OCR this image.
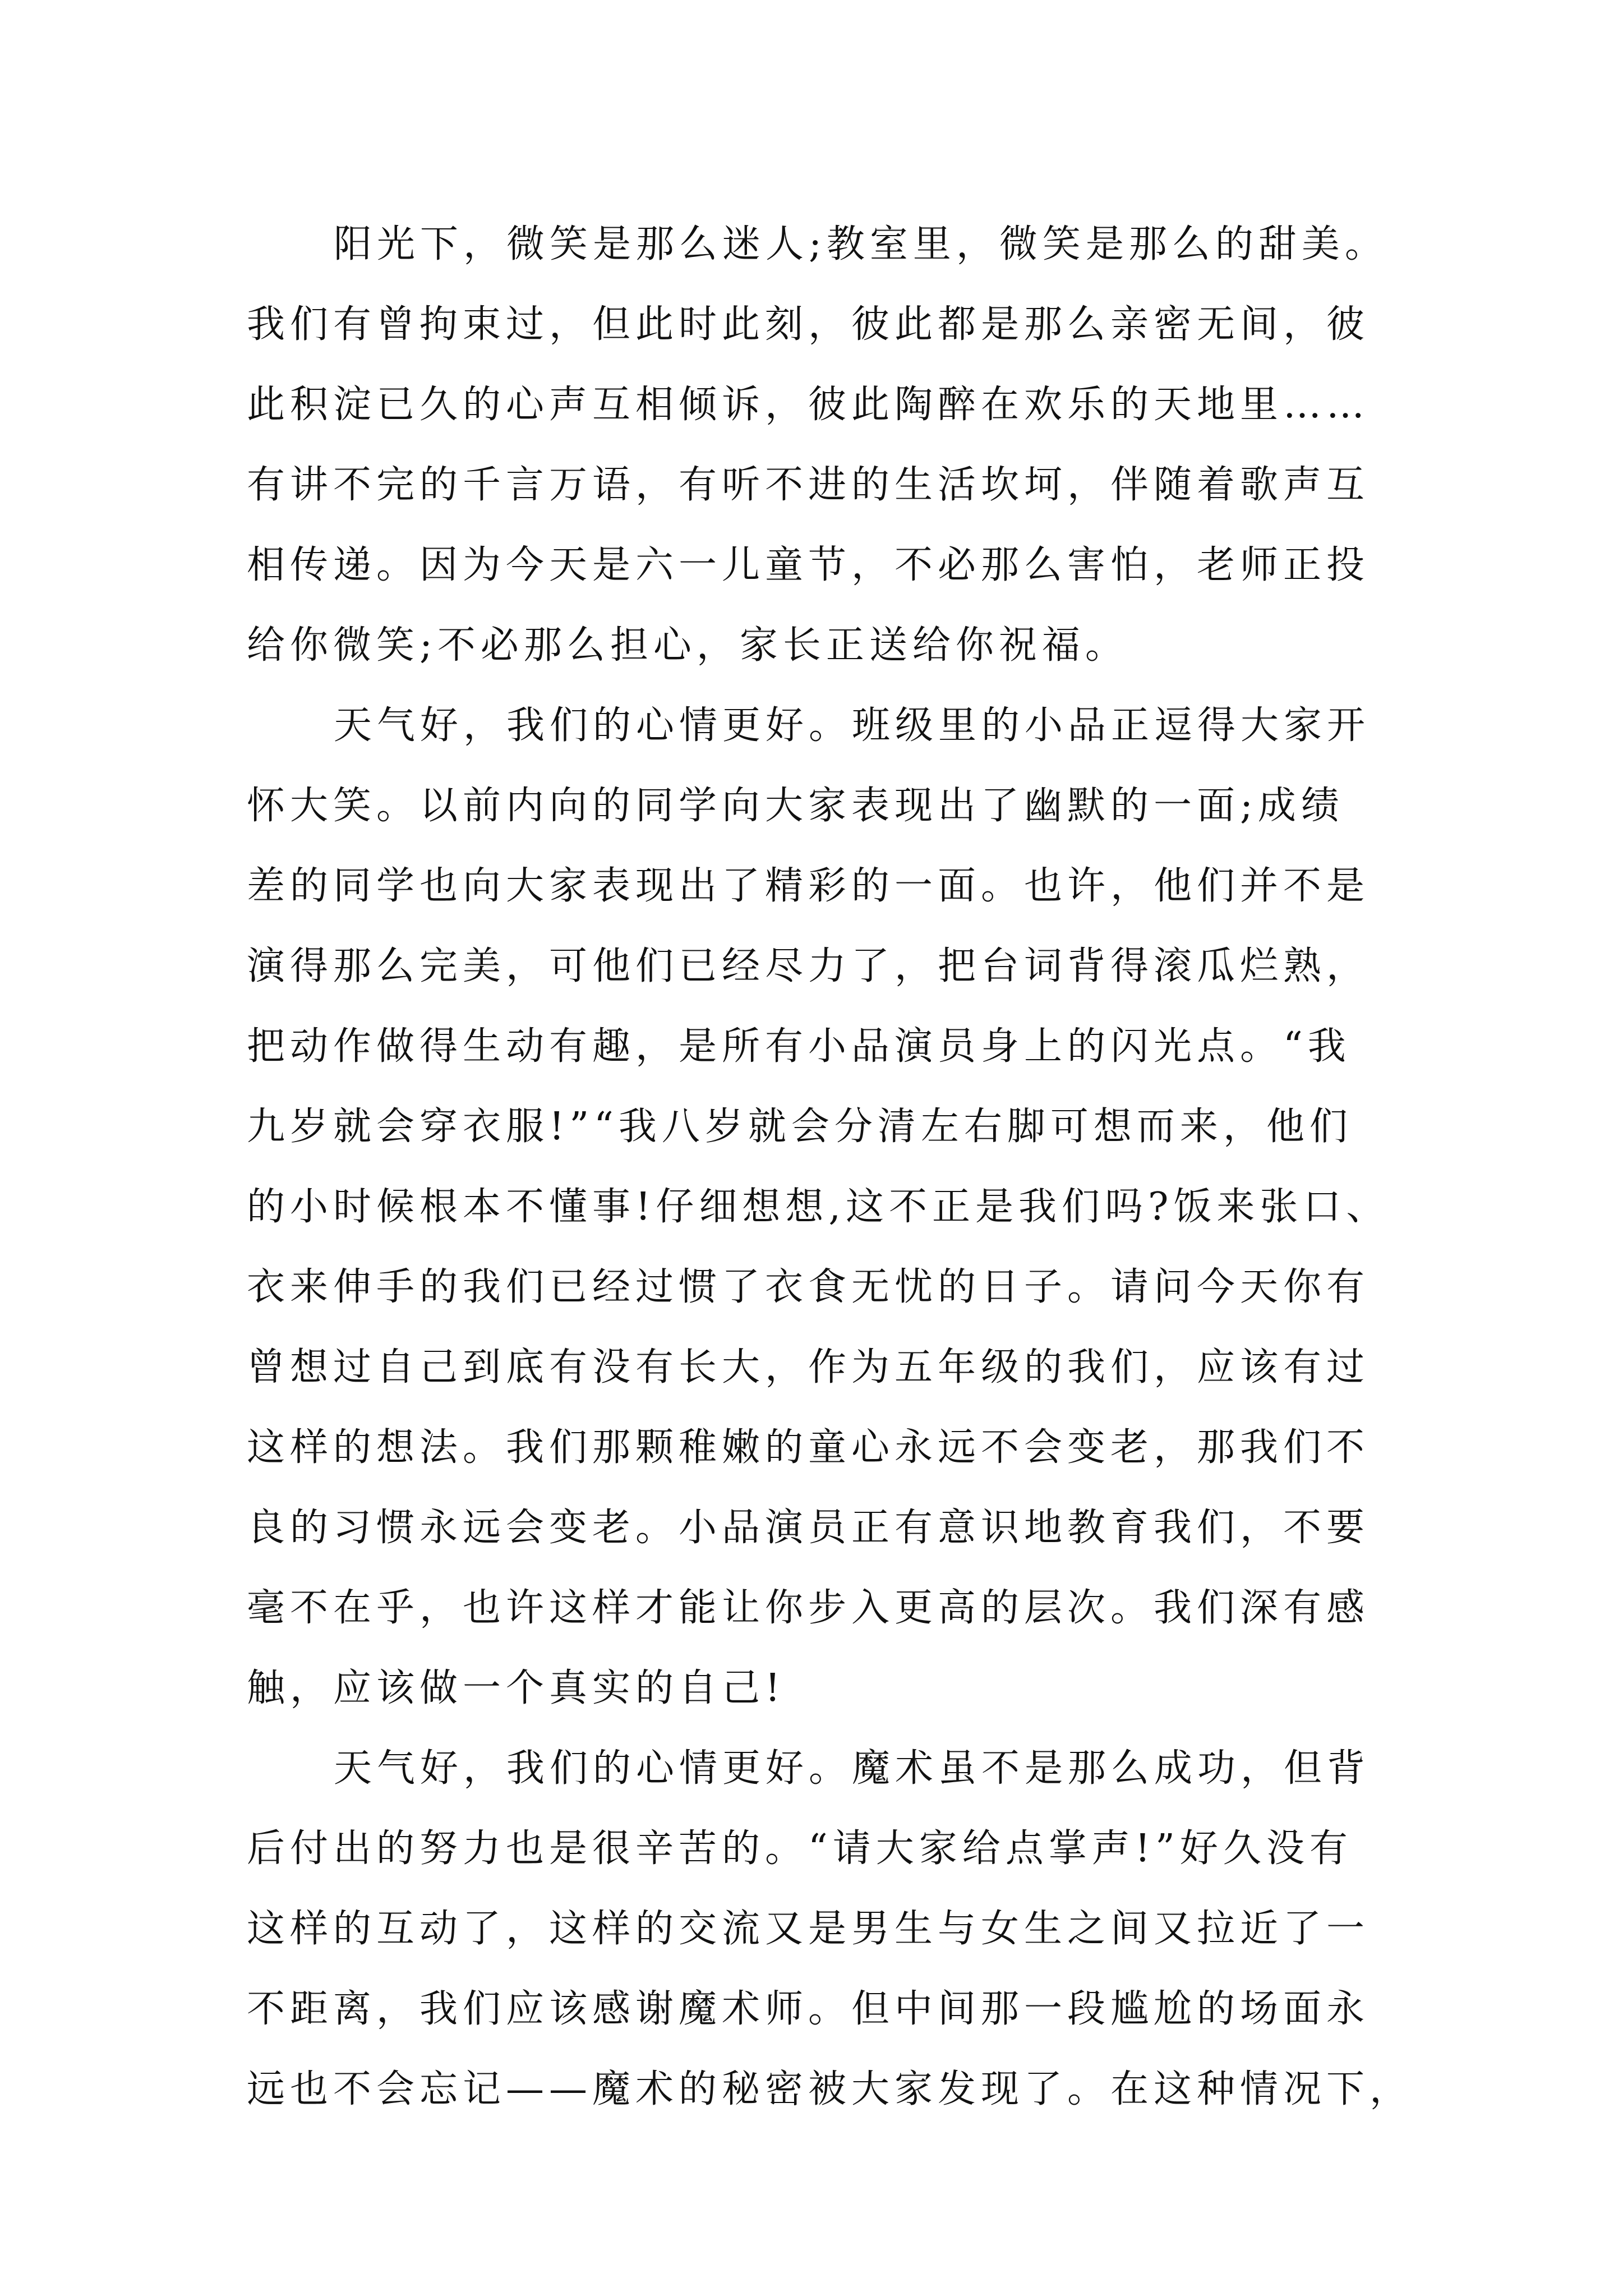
阳光下，微笑是那么迷人;教室里，微笑是那么的甜美。
我们有曾拘束过，但此时此刻，彼此都是那么亲密无间，彼
此积淀已久的心声互相倾诉，彼此陶醉在欢乐的天地里……
有讲不完的千言万语，有听不进的生活坎坷，伴随着歌声互
相传递。因为今天是六一儿童节，不必那么害怕，老师正投
给你微笑;不必那么担心，家长正送给你祝福。
天气好，我们的心情更好。班级里的小品正逗得大家开
怀大笑。以前内向的同学向大家表现出了幽默的一面;成绩
差的同学也向大家表现出了精彩的一面。也许，他们并不是
演得那么完美，可他们已经尽力了，把台词背得滚瓜烂熟，
把动作做得生动有趣，是所有小品演员身上的闪光点。“我
九岁就会穿衣服!”“我八岁就会分清左右脚可想而来，他们
的小时候根本不懂事!仔细想想,这不正是我们吗?饭来张口、
衣来伸手的我们已经过惯了衣食无忧的日子。请问今天你有
曾想过自己到底有没有长大，作为五年级的我们，应该有过
这样的想法。我们那颗稚嫩的童心永远不会变老，那我们不
良的习惯永远会变老。小品演员正有意识地教育我们，不要
毫不在乎，也许这样才能让你步入更高的层次。我们深有感
触，应该做一个真实的自己!
天气好，我们的心情更好。魔术虽不是那么成功，但背
后付出的努力也是很辛苦的。“请大家给点掌声!”好久没有
这样的互动了，这样的交流又是男生与女生之间又拉近了一
不距离，我们应该感谢魔术师。但中间那一段尴尬的场面永
远也不会忘记——魔术的秘密被大家发现了。在这种情况下，
